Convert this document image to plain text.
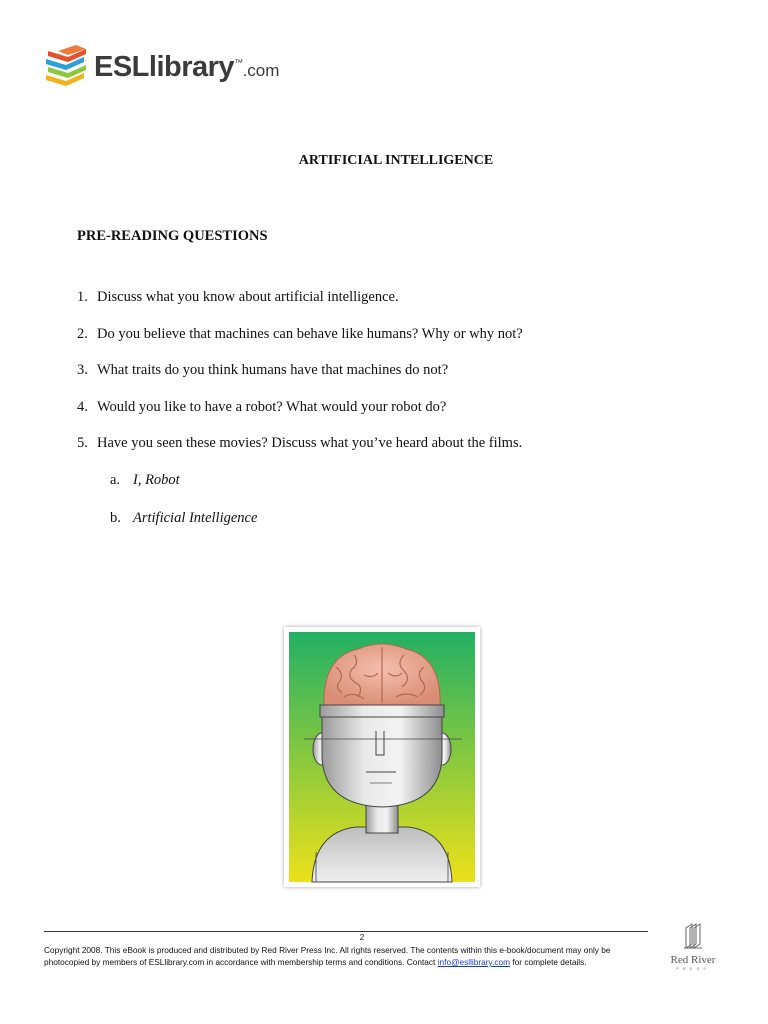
ESLlibrary™.com
ARTIFICIAL INTELLIGENCE
PRE-READING QUESTIONS
1. Discuss what you know about artificial intelligence.
2. Do you believe that machines can behave like humans? Why or why not?
3. What traits do you think humans have that machines do not?
4. Would you like to have a robot? What would your robot do?
5. Have you seen these movies? Discuss what you’ve heard about the films.
a. I, Robot
b. Artificial Intelligence
2
Copyright 2008. This eBook is produced and distributed by Red River Press Inc. All rights reserved. The contents within this e-book/document may only be
photocopied by members of ESLlibrary.com in accordance with membership terms and conditions. Contact info@esllibrary.com for complete details.	Red River
PRESS
